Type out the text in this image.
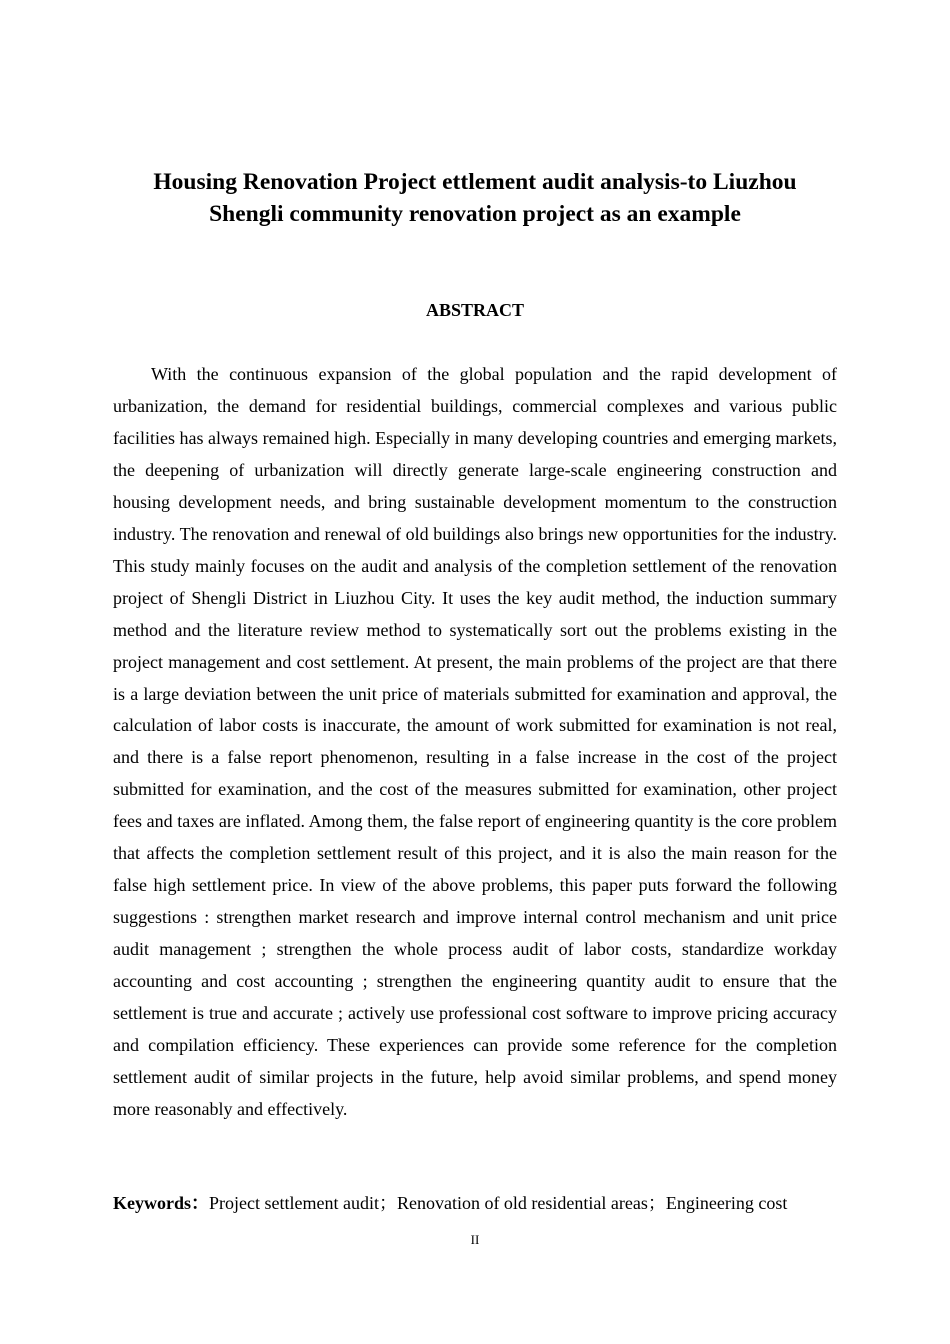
Housing Renovation Project ettlement audit analysis-to Liuzhou
Shengli community renovation project as an example
ABSTRACT

With the continuous expansion of the global population and the rapid development of urbanization, the demand for residential buildings, commercial complexes and various public facilities has always remained high. Especially in many developing countries and emerging markets, the deepening of urbanization will directly generate large-scale engineering construction and housing development needs, and bring sustainable development momentum to the construction industry. The renovation and renewal of old buildings also brings new opportunities for the industry. This study mainly focuses on the audit and analysis of the completion settlement of the renovation project of Shengli District in Liuzhou City. It uses the key audit method, the induction summary method and the literature review method to systematically sort out the problems existing in the project management and cost settlement. At present, the main problems of the project are that there is a large deviation between the unit price of materials submitted for examination and approval, the calculation of labor costs is inaccurate, the amount of work submitted for examination is not real, and there is a false report phenomenon, resulting in a false increase in the cost of the project submitted for examination, and the cost of the measures submitted for examination, other project fees and taxes are inflated. Among them, the false report of engineering quantity is the core problem that affects the completion settlement result of this project, and it is also the main reason for the false high settlement price. In view of the above problems, this paper puts forward the following suggestions : strengthen market research and improve internal control mechanism and unit price audit management ; strengthen the whole process audit of labor costs, standardize workday accounting and cost accounting ; strengthen the engineering quantity audit to ensure that the settlement is true and accurate ; actively use professional cost software to improve pricing accuracy and compilation efficiency. These experiences can provide some reference for the completion settlement audit of similar projects in the future, help avoid similar problems, and spend money more reasonably and effectively.

Keywords：Project settlement audit；Renovation of old residential areas；Engineering cost
II
